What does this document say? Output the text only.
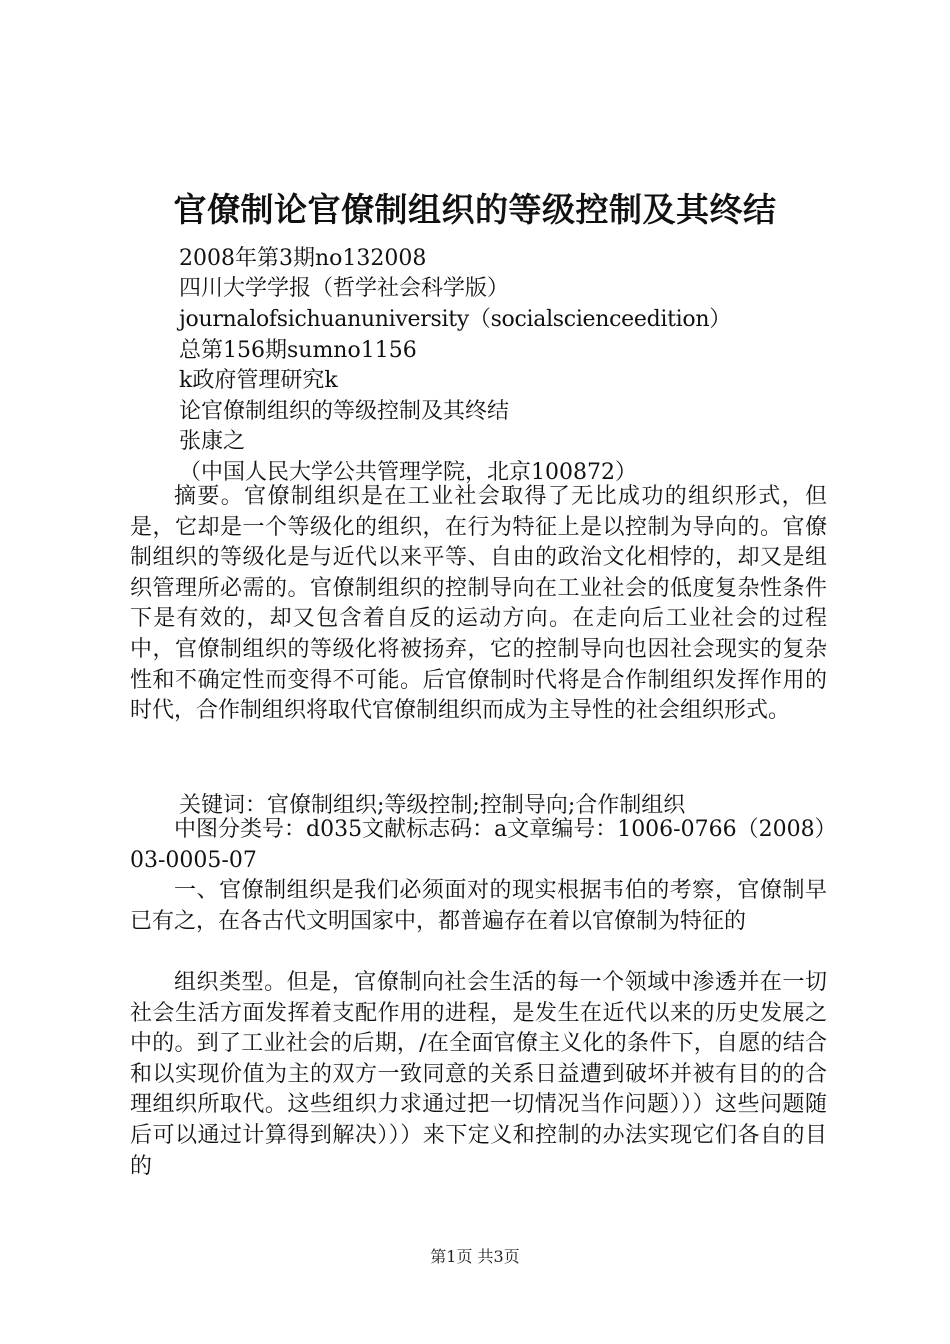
官僚制论官僚制组织的等级控制及其终结
2008年第3期no132008
四川大学学报（哲学社会科学版）
journalofsichuanuniversity（socialscienceedition）
总第156期sumno1156
k政府管理研究k
论官僚制组织的等级控制及其终结
张康之
（中国人民大学公共管理学院，北京100872）
摘要。官僚制组织是在工业社会取得了无比成功的组织形式，但是，它却是一个等级化的组织，在行为特征上是以控制为导向的。官僚制组织的等级化是与近代以来平等、自由的政治文化相悖的，却又是组织管理所必需的。官僚制组织的控制导向在工业社会的低度复杂性条件下是有效的，却又包含着自反的运动方向。在走向后工业社会的过程中，官僚制组织的等级化将被扬弃，它的控制导向也因社会现实的复杂性和不确定性而变得不可能。后官僚制时代将是合作制组织发挥作用的时代，合作制组织将取代官僚制组织而成为主导性的社会组织形式。
关键词：官僚制组织;等级控制;控制导向;合作制组织
中图分类号：d035文献标志码：a文章编号：1006-0766（2008）03-0005-07
一、官僚制组织是我们必须面对的现实根据韦伯的考察，官僚制早已有之，在各古代文明国家中，都普遍存在着以官僚制为特征的
组织类型。但是，官僚制向社会生活的每一个领域中渗透并在一切社会生活方面发挥着支配作用的进程，是发生在近代以来的历史发展之中的。到了工业社会的后期，/在全面官僚主义化的条件下，自愿的结合和以实现价值为主的双方一致同意的关系日益遭到破坏并被有目的的合理组织所取代。这些组织力求通过把一切情况当作问题）））这些问题随后可以通过计算得到解决）））来下定义和控制的办法实现它们各自的目的
第1页 共3页
